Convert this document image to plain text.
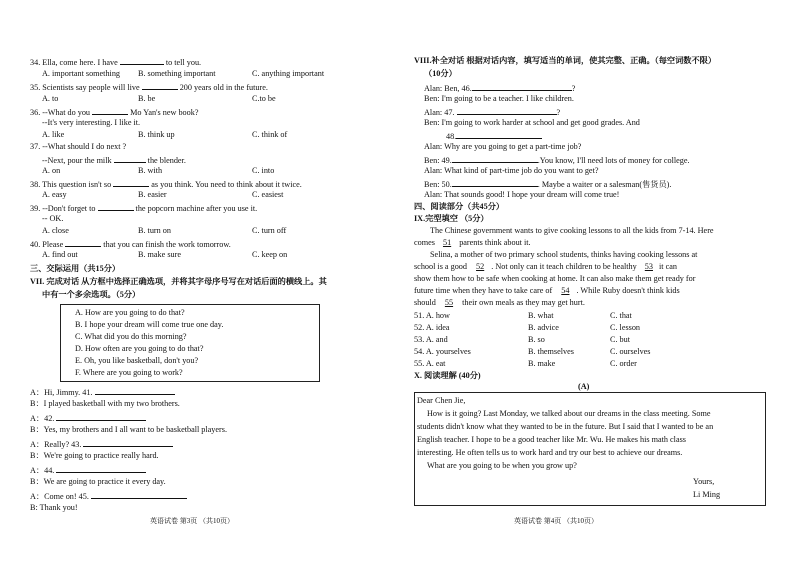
34. Ella, come here. I have	to tell you.
A. important something B. something important	C. anything important
35. Scientists say people will live	200 years old in the future.
A. to	B. be	C.to be
36. --What do you	Mo Yan's new book?
--It's very interesting. I like it.
A. like	B. think up	C. think of
37. --What should I do next ?
--Next, pour the milk	the blender.
A. on	B. with	C. into
38. This question isn't so	as you think. You need to think about it twice.
A. easy	B. easier	C. easiest
39. --Don't forget to	the popcorn machine after you use it.
-- OK.
A. close	B. turn on	C. turn off
40. Please	that you can finish the work tomorrow.
A. find out	B. make sure	C. keep on
三、交际运用（共15分）
VII. 完成对话 从方框中选择正确选项，并将其字母序号写在对话后面的横线上。其
中有一个多余选项。（5分）
A. How are you going to do that?
B. I hope your dream will come true one day.
C. What did you do this morning?
D. How often are you going to do that?
E. Oh, you like basketball, don't you?
F. Where are you going to work?
A：Hi, Jimmy. 41.
B：I played basketball with my two brothers.
A：42.
B：Yes, my brothers and I all want to be basketball players.
A：Really? 43.
B：We're going to practice really hard.
A：44.
B：We are going to practice it every day.
A：Come on! 45.
B: Thank you!
英语试卷 第3页 （共10页）
VIII.补全对话 根据对话内容，填写适当的单词，使其完整、正确。（每空词数不限）
（10分）
Alan: Ben, 46.	?
Ben: I'm going to be a teacher. I like children.
Alan: 47.	?
Ben: I'm going to work harder at school and get good grades. And
48.
Alan: Why are you going to get a part-time job?
Ben: 49.	.You know, I'll need lots of money for college.
Alan: What kind of part-time job do you want to get?
Ben: 50.	. Maybe a waiter or a salesman(售货员).
Alan: That sounds good! I hope your dream will come true!
四、阅读部分（共45分）
IX.完型填空 （5分）
The Chinese government wants to give cooking lessons to all the kids from 7-14. Here
comes 51 parents think about it.
Selina, a mother of two primary school students, thinks having cooking lessons at
school is a good 52 . Not only can it teach children to be healthy 53 it can
show them how to be safe when cooking at home. It can also make them get ready for
future time when they have to take care of 54 . While Ruby doesn't think kids
should 55 their own meals as they may get hurt.
51. A. how	B. what	C. that
52. A. idea	B. advice	C. lesson
53. A. and	B. so	C. but
54. A. yourselves	B. themselves	C. ourselves
55. A. eat	B. make	C. order
X. 阅读理解 (40分)
(A)
Dear Chen Jie,
How is it going? Last Monday, we talked about our dreams in the class meeting. Some
students didn't know what they wanted to be in the future. But I said that I wanted to be an
English teacher. I hope to be a good teacher like Mr. Wu. He makes his math class
interesting. He often tells us to work hard and try our best to achieve our dreams.
What are you going to be when you grow up?
Yours,
Li Ming
英语试卷 第4页 （共10页）
